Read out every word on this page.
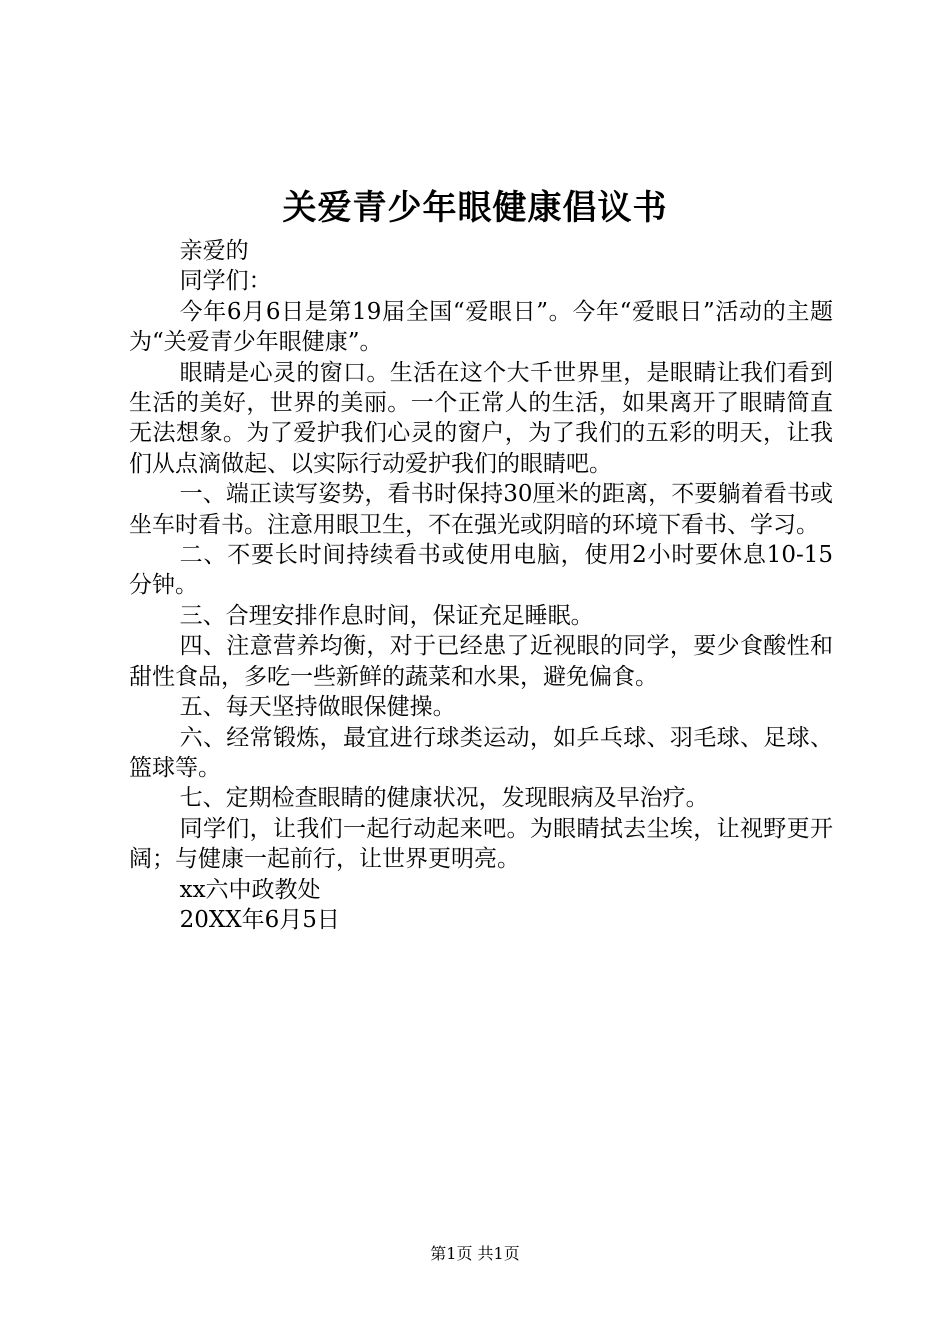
关爱青少年眼健康倡议书

亲爱的

同学们：

今年6月6日是第19届全国“爱眼日”。今年“爱眼日”活动的主题为“关爱青少年眼健康”。

眼睛是心灵的窗口。生活在这个大千世界里，是眼睛让我们看到生活的美好，世界的美丽。一个正常人的生活，如果离开了眼睛简直无法想象。为了爱护我们心灵的窗户，为了我们的五彩的明天，让我们从点滴做起、以实际行动爱护我们的眼睛吧。

一、端正读写姿势，看书时保持30厘米的距离，不要躺着看书或坐车时看书。注意用眼卫生，不在强光或阴暗的环境下看书、学习。

二、不要长时间持续看书或使用电脑，使用2小时要休息10-15分钟。

三、合理安排作息时间，保证充足睡眠。

四、注意营养均衡，对于已经患了近视眼的同学，要少食酸性和甜性食品，多吃一些新鲜的蔬菜和水果，避免偏食。

五、每天坚持做眼保健操。

六、经常锻炼，最宜进行球类运动，如乒乓球、羽毛球、足球、篮球等。

七、定期检查眼睛的健康状况，发现眼病及早治疗。

同学们，让我们一起行动起来吧。为眼睛拭去尘埃，让视野更开阔；与健康一起前行，让世界更明亮。

xx六中政教处

20XX年6月5日

第1页 共1页
